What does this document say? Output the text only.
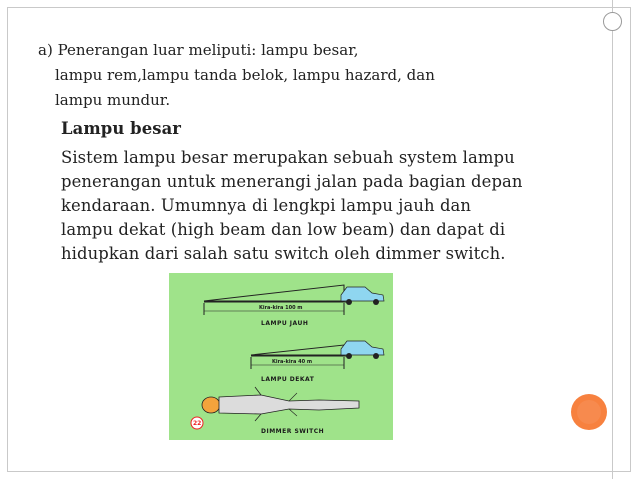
a) Penerangan luar meliputi: lampu besar,
lampu rem,lampu tanda belok, lampu hazard, dan
lampu mundur.
Lampu besar
Sistem lampu besar merupakan sebuah system lampu
penerangan untuk menerangi jalan pada bagian depan
kendaraan. Umumnya di lengkpi lampu jauh dan
lampu dekat (high beam dan low beam) dan dapat di
hidupkan dari salah satu switch oleh dimmer switch.
Kira-kira 100 m
LAMPU JAUH
Kira-kira 40 m
LAMPU DEKAT
22
DIMMER SWITCH
